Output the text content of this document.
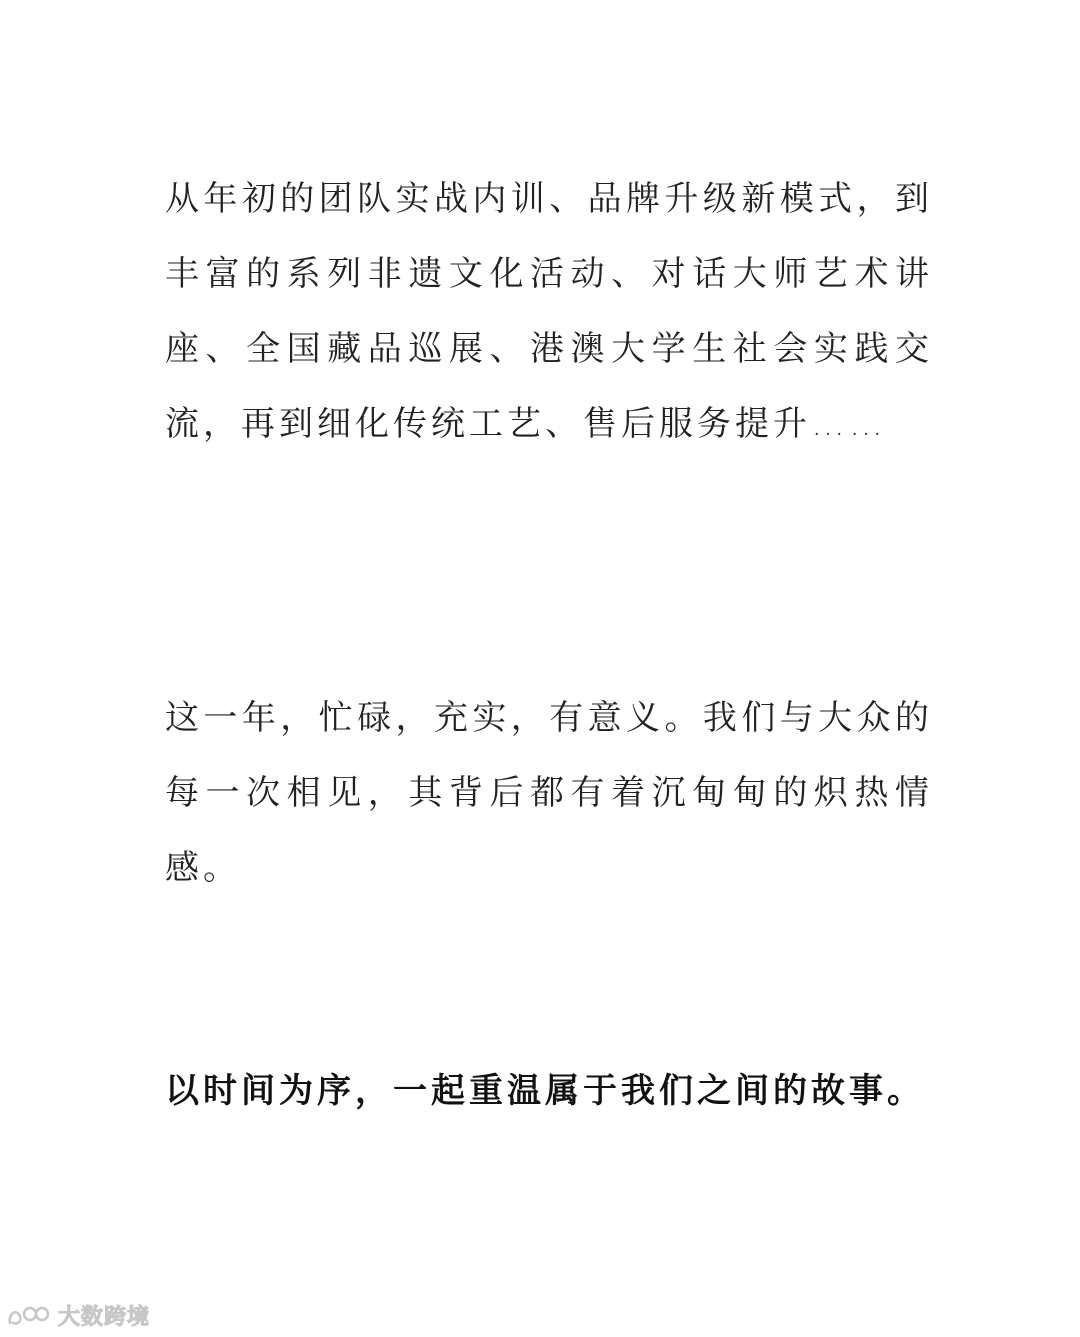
从年初的团队实战内训、品牌升级新模式，到丰富的系列非遗文化活动、对话大师艺术讲座、全国藏品巡展、港澳大学生社会实践交流，再到细化传统工艺、售后服务提升……

这一年，忙碌，充实，有意义。我们与大众的每一次相见，其背后都有着沉甸甸的炽热情感。

以时间为序，一起重温属于我们之间的故事。

大数跨境
